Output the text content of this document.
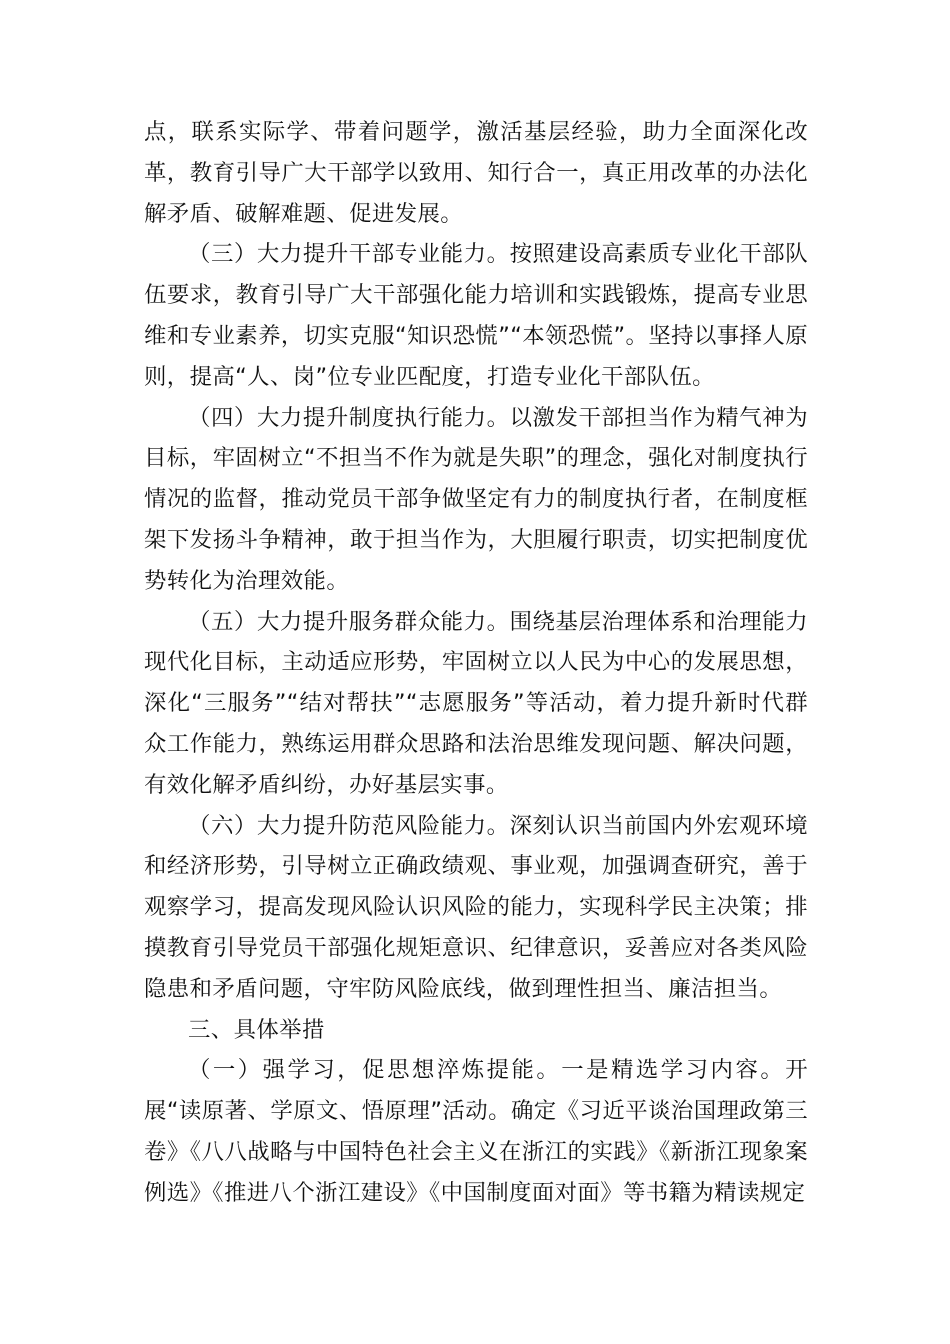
点，联系实际学、带着问题学，激活基层经验，助力全面深化改革，教育引导广大干部学以致用、知行合一，真正用改革的办法化解矛盾、破解难题、促进发展。

（三）大力提升干部专业能力。按照建设高素质专业化干部队伍要求，教育引导广大干部强化能力培训和实践锻炼，提高专业思维和专业素养，切实克服“知识恐慌”“本领恐慌”。坚持以事择人原则，提高“人、岗”位专业匹配度，打造专业化干部队伍。

（四）大力提升制度执行能力。以激发干部担当作为精气神为目标，牢固树立“不担当不作为就是失职”的理念，强化对制度执行情况的监督，推动党员干部争做坚定有力的制度执行者，在制度框架下发扬斗争精神，敢于担当作为，大胆履行职责，切实把制度优势转化为治理效能。

（五）大力提升服务群众能力。围绕基层治理体系和治理能力现代化目标，主动适应形势，牢固树立以人民为中心的发展思想，深化“三服务”“结对帮扶”“志愿服务”等活动，着力提升新时代群众工作能力，熟练运用群众思路和法治思维发现问题、解决问题，有效化解矛盾纠纷，办好基层实事。

（六）大力提升防范风险能力。深刻认识当前国内外宏观环境和经济形势，引导树立正确政绩观、事业观，加强调查研究，善于观察学习，提高发现风险认识风险的能力，实现科学民主决策；排摸教育引导党员干部强化规矩意识、纪律意识，妥善应对各类风险隐患和矛盾问题，守牢防风险底线，做到理性担当、廉洁担当。

三、具体举措

（一）强学习，促思想淬炼提能。一是精选学习内容。开展“读原著、学原文、悟原理”活动。确定《习近平谈治国理政第三卷》《八八战略与中国特色社会主义在浙江的实践》《新浙江现象案例选》《推进八个浙江建设》《中国制度面对面》等书籍为精读规定
